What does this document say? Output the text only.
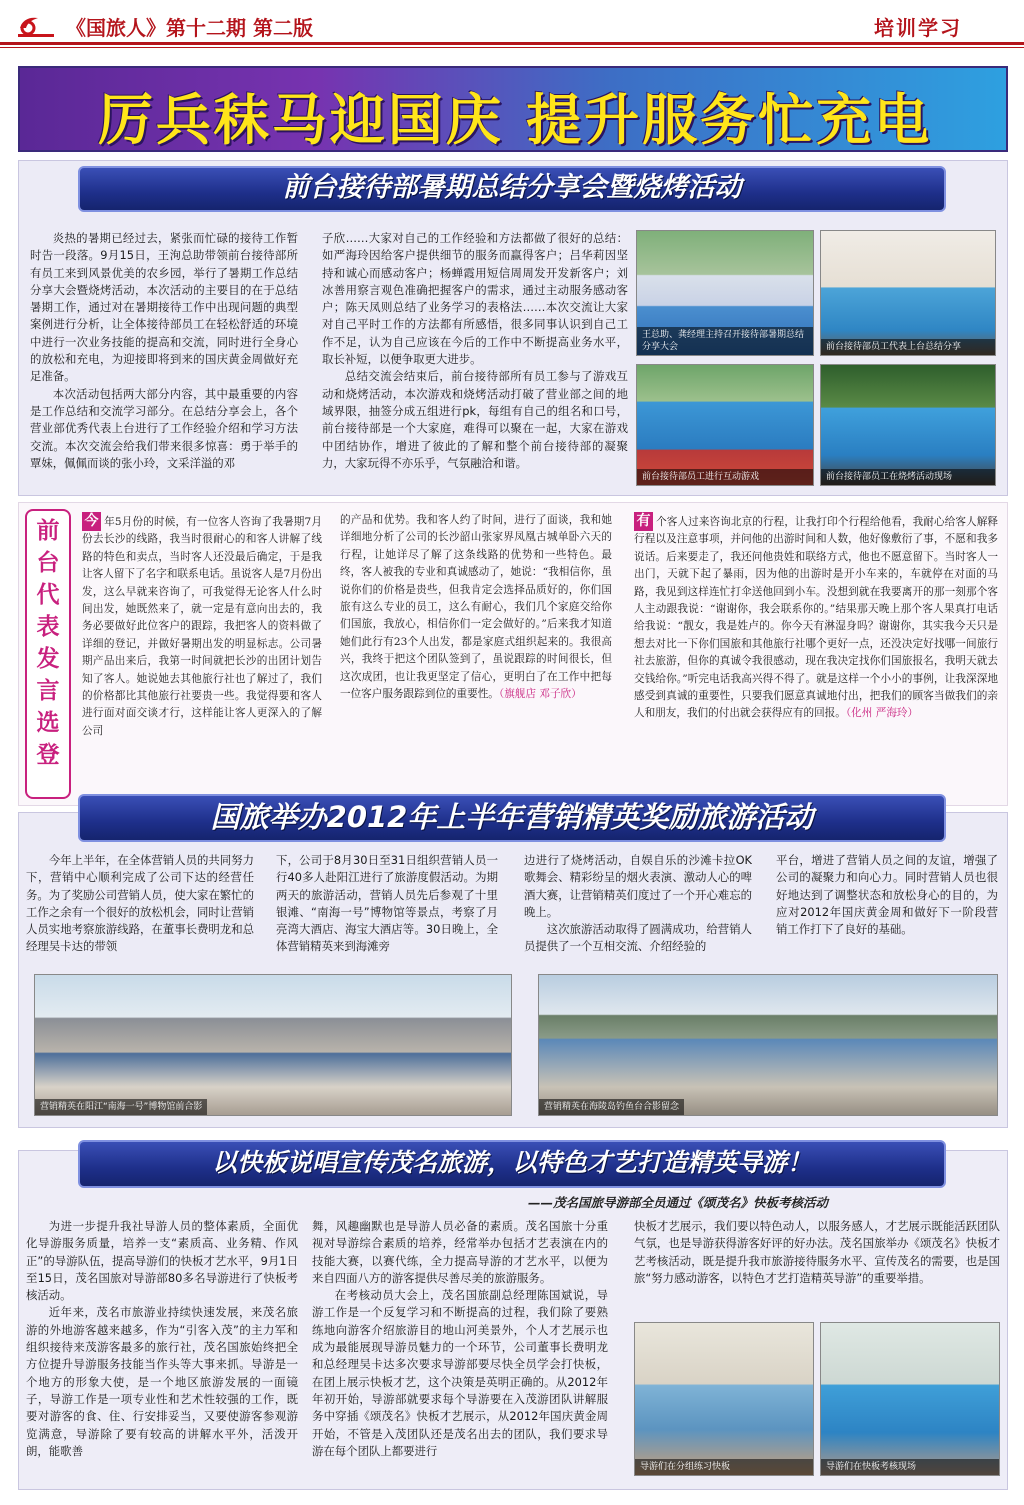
《国旅人》第十二期 第二版	培训学习
厉兵秣马迎国庆 提升服务忙充电
前台接待部暑期总结分享会暨烧烤活动

炎热的暑期已经过去，紧张而忙碌的接待工作暂时告一段落。9月15日，王洵总助带领前台接待部所有员工来到风景优美的农乡园，举行了暑期工作总结分享大会暨烧烤活动，本次活动的主要目的在于总结暑期工作，通过对在暑期接待工作中出现问题的典型案例进行分析，让全体接待部员工在轻松舒适的环境中进行一次业务技能的提高和交流，同时进行全身心的放松和充电，为迎接即将到来的国庆黄金周做好充足准备。

本次活动包括两大部分内容，其中最重要的内容是工作总结和交流学习部分。在总结分享会上，各个营业部优秀代表上台进行了工作经验介绍和学习方法交流。本次交流会给我们带来很多惊喜：勇于举手的覃妹，佩佩而谈的张小玲，文采洋溢的邓

子欣……大家对自己的工作经验和方法都做了很好的总结：如严海玲因给客户提供细节的服务而赢得客户；吕华莉因坚持和诚心而感动客户；杨蝉霞用短信周周发开发新客户；刘冰善用察言观色准确把握客户的需求，通过主动服务感动客户；陈天凤则总结了业务学习的表格法……本次交流让大家对自己平时工作的方法都有所感悟，很多同事认识到自己工作不足，认为自己应该在今后的工作中不断提高业务水平，取长补短，以便争取更大进步。

总结交流会结束后，前台接待部所有员工参与了游戏互动和烧烤活动，本次游戏和烧烤活动打破了营业部之间的地域界限，抽签分成五组进行pk，每组有自己的组名和口号，前台接待部是一个大家庭，难得可以聚在一起，大家在游戏中团结协作，增进了彼此的了解和整个前台接待部的凝聚力，大家玩得不亦乐乎，气氛融洽和谐。

王总助、龚经理主持召开接待部暑期总结分享大会	前台接待部员工代表上台总结分享
前台接待部员工进行互动游戏	前台接待部员工在烧烤活动现场
前台代表发言选登
今 年5月份的时候，有一位客人咨询了我暑期7月份去长沙的线路，我当时很耐心的和客人讲解了线路的特色和卖点，当时客人还没最后确定，于是我让客人留下了名字和联系电话。虽说客人是7月份出发，这么早就来咨询了，可我觉得无论客人什么时间出发，她既然来了，就一定是有意向出去的，我务必要做好此位客户的跟踪，我把客人的资料做了详细的登记，并做好暑期出发的明显标志。公司暑期产品出来后，我第一时间就把长沙的出团计划告知了客人。她说她去其他旅行社也了解过了，我们的价格都比其他旅行社要贵一些。我觉得要和客人进行面对面交谈才行，这样能让客人更深入的了解公司
的产品和优势。我和客人约了时间，进行了面谈，我和她详细地分析了公司的长沙韶山张家界凤凰古城单卧六天的行程，让她详尽了解了这条线路的优势和一些特色。最终，客人被我的专业和真诚感动了，她说：“我相信你，虽说你们的价格是贵些，但我肯定会选择品质好的，你们国旅有这么专业的员工，这么有耐心，我们几个家庭交给你们国旅，我放心，相信你们一定会做好的。”后来我才知道她们此行有23个人出发，都是家庭式组织起来的。我很高兴，我终于把这个团队签到了，虽说跟踪的时间很长，但这次成团，也让我更坚定了信心，更明白了在工作中把每一位客户服务跟踪到位的重要性。（旗舰店 邓子欣）
有 个客人过来咨询北京的行程，让我打印个行程给他看，我耐心给客人解释行程以及注意事项，并问他的出游时间和人数，他好像敷衍了事，不愿和我多说话。后来要走了，我还问他贵姓和联络方式，他也不愿意留下。当时客人一出门，天就下起了暴雨，因为他的出游时是开小车来的，车就停在对面的马路，我见到这样连忙打伞送他回到小车。没想到就在我要离开的那一刻那个客人主动跟我说：“谢谢你，我会联系你的。”结果那天晚上那个客人果真打电话给我说：“靓女，我是姓卢的。你今天有淋湿身吗？谢谢你，其实我今天只是想去对比一下你们国旅和其他旅行社哪个更好一点，还没决定好找哪一间旅行社去旅游，但你的真诚令我很感动，现在我决定找你们国旅报名，我明天就去交钱给你。”听完电话我高兴得不得了。就是这样一个小小的事例，让我深深地感受到真诚的重要性，只要我们愿意真诚地付出，把我们的顾客当做我们的亲人和朋友，我们的付出就会获得应有的回报。（化州 严海玲）
国旅举办2012年上半年营销精英奖励旅游活动

今年上半年，在全体营销人员的共同努力下，营销中心顺利完成了公司下达的经营任务。为了奖励公司营销人员，使大家在繁忙的工作之余有一个很好的放松机会，同时让营销人员实地考察旅游线路，在董事长费明龙和总经理吴卡达的带领

下，公司于8月30日至31日组织营销人员一行40多人赴阳江进行了旅游度假活动。为期两天的旅游活动，营销人员先后参观了十里银滩、“南海一号”博物馆等景点，考察了月亮湾大酒店、海宝大酒店等。30日晚上，全体营销精英来到海滩旁

边进行了烧烤活动，自娱自乐的沙滩卡拉OK歌舞会、精彩纷呈的烟火表演、激动人心的啤酒大赛，让营销精英们度过了一个开心难忘的晚上。

这次旅游活动取得了圆满成功，给营销人员提供了一个互相交流、介绍经验的

平台，增进了营销人员之间的友谊，增强了公司的凝聚力和向心力。同时营销人员也很好地达到了调整状态和放松身心的目的，为应对2012年国庆黄金周和做好下一阶段营销工作打下了良好的基础。

营销精英在阳江“南海一号”博物馆前合影	营销精英在海陵岛钓鱼台合影留念
以快板说唱宣传茂名旅游，以特色才艺打造精英导游！
——茂名国旅导游部全员通过《颂茂名》快板考核活动

为进一步提升我社导游人员的整体素质，全面优化导游服务质量，培养一支“素质高、业务精、作风正”的导游队伍，提高导游们的快板才艺水平，9月1日至15日，茂名国旅对导游部80多名导游进行了快板考核活动。

近年来，茂名市旅游业持续快速发展，来茂名旅游的外地游客越来越多，作为“引客入茂”的主力军和组织接待来茂游客最多的旅行社，茂名国旅始终把全方位提升导游服务技能当作头等大事来抓。导游是一个地方的形象大使，是一个地区旅游发展的一面镜子，导游工作是一项专业性和艺术性较强的工作，既要对游客的食、住、行安排妥当，又要使游客参观游览满意，导游除了要有较高的讲解水平外，活泼开朗，能歌善

舞，风趣幽默也是导游人员必备的素质。茂名国旅十分重视对导游综合素质的培养，经常举办包括才艺表演在内的技能大赛，以赛代练，全力提高导游的才艺水平，以便为来自四面八方的游客提供尽善尽美的旅游服务。

在考核动员大会上，茂名国旅副总经理陈国斌说，导游工作是一个反复学习和不断提高的过程，我们除了要熟练地向游客介绍旅游目的地山河美景外，个人才艺展示也成为最能展现导游员魅力的一个环节，公司董事长费明龙和总经理吴卡达多次要求导游部要尽快全员学会打快板，在团上展示快板才艺，这个决策是英明正确的。从2012年年初开始，导游部就要求每个导游要在入茂游团队讲解服务中穿插《颂茂名》快板才艺展示，从2012年国庆黄金周开始，不管是入茂团队还是茂名出去的团队，我们要求导游在每个团队上都要进行

快板才艺展示，我们要以特色动人，以服务感人，才艺展示既能活跃团队气氛，也是导游获得游客好评的好办法。茂名国旅举办《颂茂名》快板才艺考核活动，既是提升我市旅游接待服务水平、宣传茂名的需要，也是国旅“努力感动游客，以特色才艺打造精英导游”的重要举措。

导游们在分组练习快板	导游们在快板考核现场
